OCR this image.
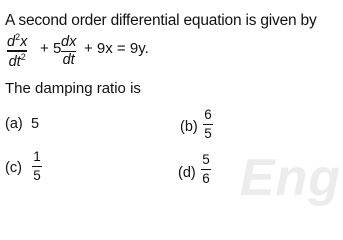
A second order differential equation is given by
$d^2x$
$dt^2 + 5$ dx
dt
+ 9x = 9y.
The damping ratio is
(a) 5	(b)
6
5
(c)
1
5	(d)
5
6 Eng
